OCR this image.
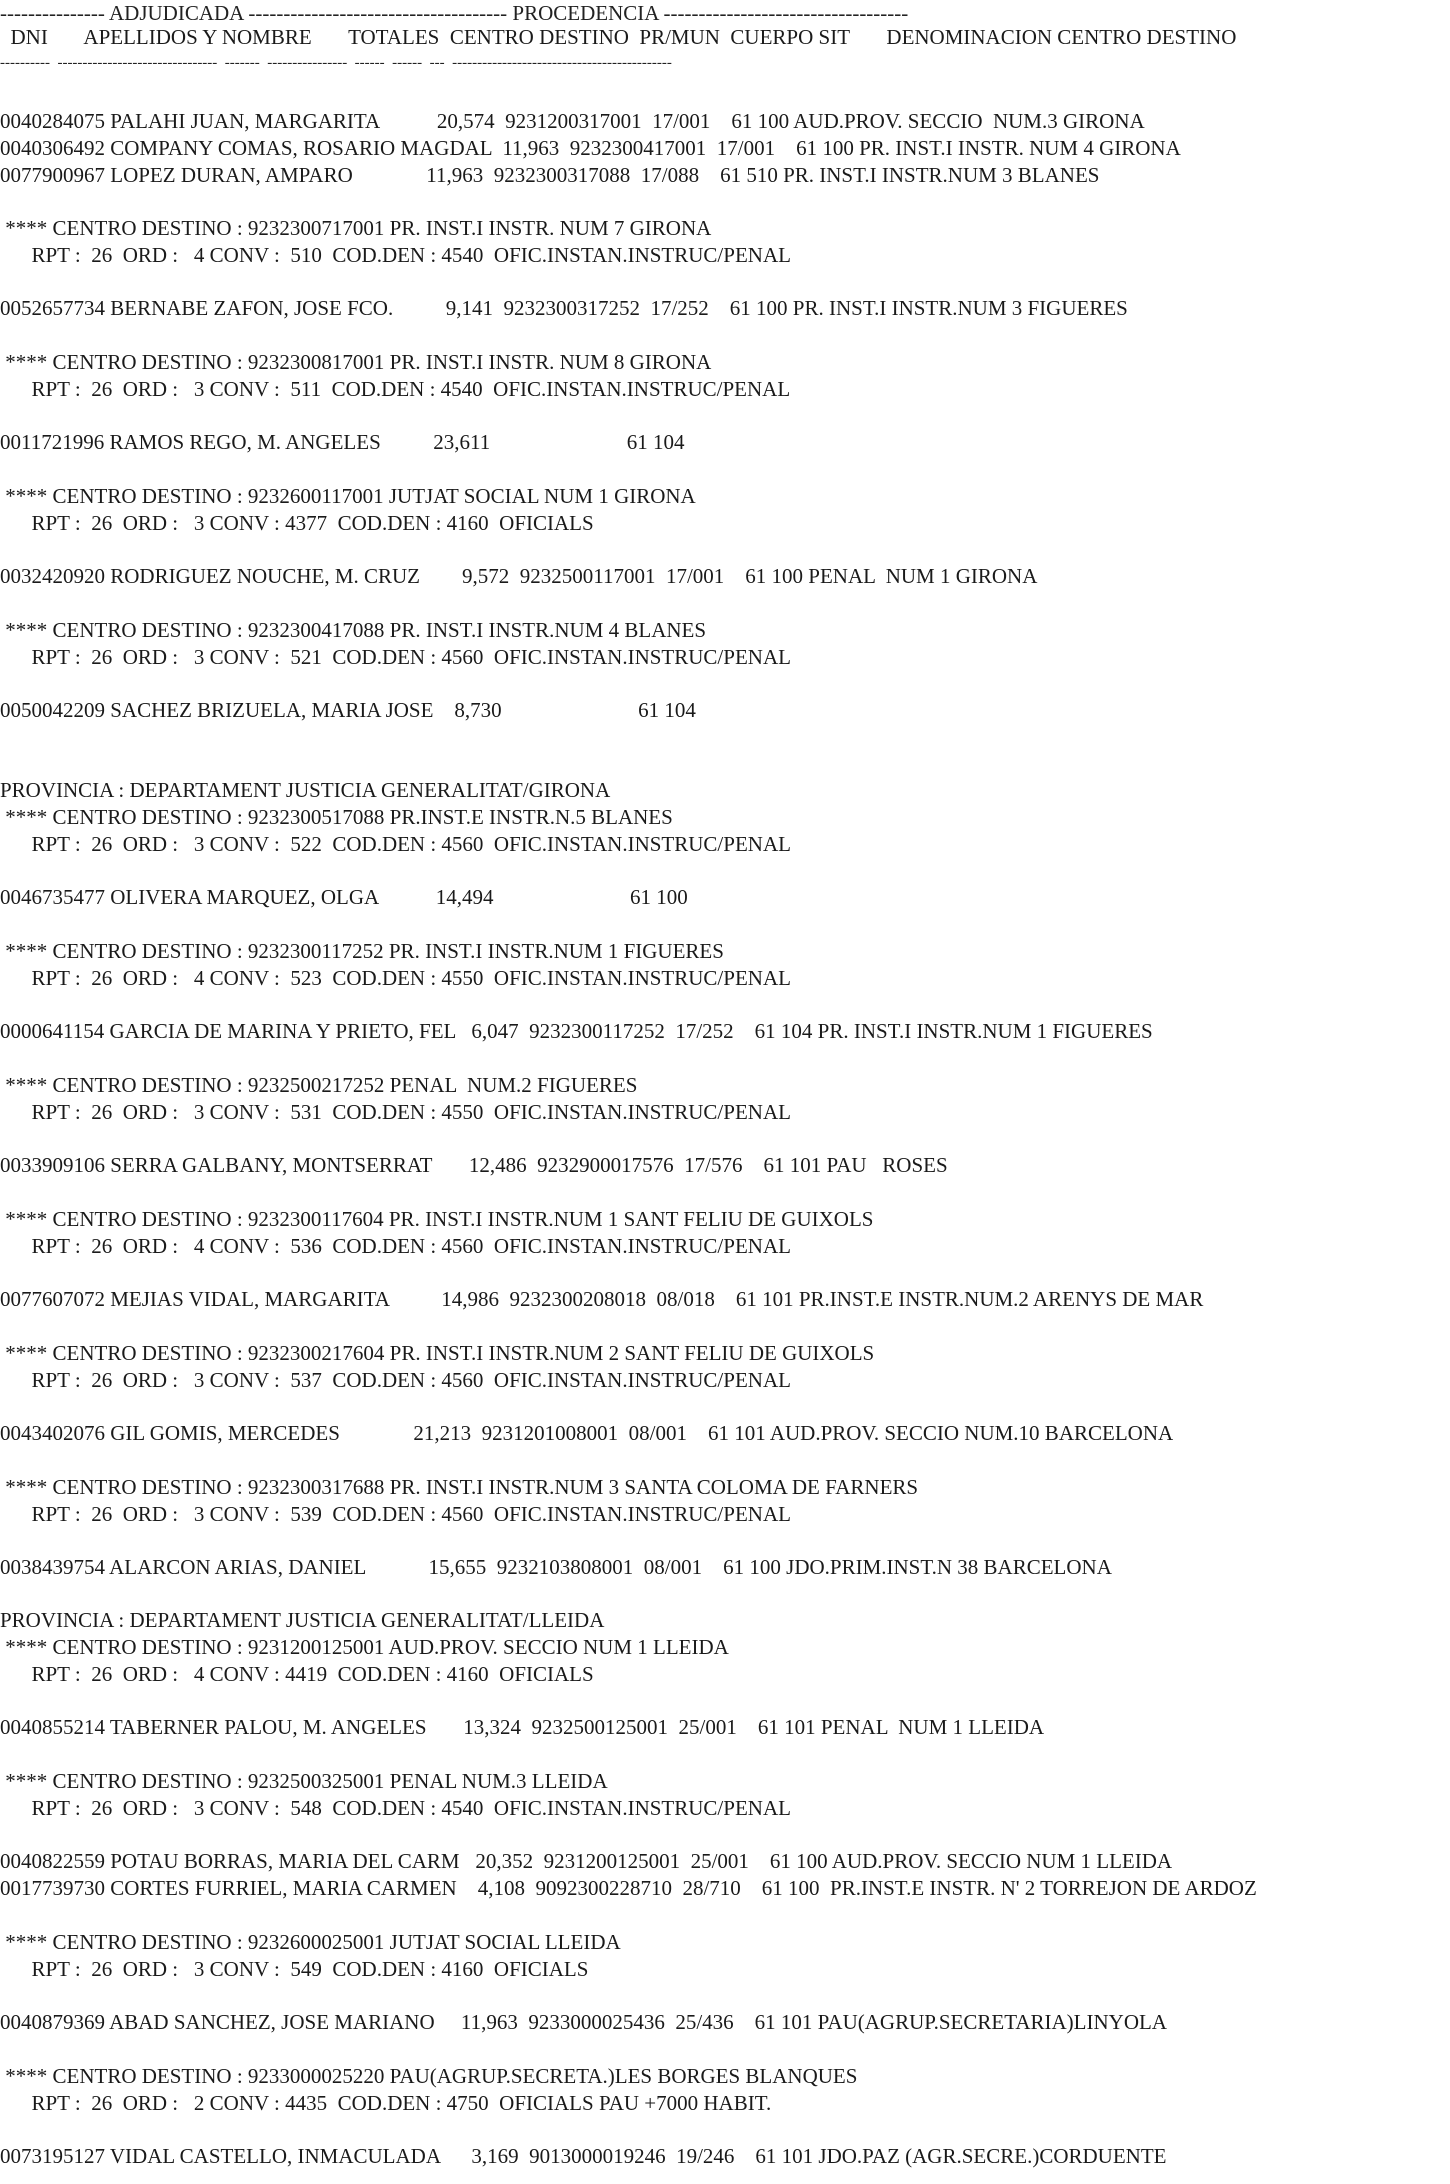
--------------- ADJUDICADA ------------------------------------- PROCEDENCIA -----------------------------------
DNI       APELLIDOS Y NOMBRE       TOTALES  CENTRO DESTINO  PR/MUN  CUERPO SIT       DENOMINACION CENTRO DESTINO
----------  --------------------------------  -------  ----------------  ------  ------  ---  --------------------------------------------
0040284075 PALAHI JUAN, MARGARITA           20,574  9231200317001  17/001    61 100 AUD.PROV. SECCIO  NUM.3 GIRONA
0040306492 COMPANY COMAS, ROSARIO MAGDAL  11,963  9232300417001  17/001    61 100 PR. INST.I INSTR. NUM 4 GIRONA
0077900967 LOPEZ DURAN, AMPARO              11,963  9232300317088  17/088    61 510 PR. INST.I INSTR.NUM 3 BLANES
**** CENTRO DESTINO : 9232300717001 PR. INST.I INSTR. NUM 7 GIRONA
RPT :  26  ORD :   4 CONV :  510  COD.DEN : 4540  OFIC.INSTAN.INSTRUC/PENAL
0052657734 BERNABE ZAFON, JOSE FCO.          9,141  9232300317252  17/252    61 100 PR. INST.I INSTR.NUM 3 FIGUERES
**** CENTRO DESTINO : 9232300817001 PR. INST.I INSTR. NUM 8 GIRONA
RPT :  26  ORD :   3 CONV :  511  COD.DEN : 4540  OFIC.INSTAN.INSTRUC/PENAL
0011721996 RAMOS REGO, M. ANGELES          23,611                          61 104
**** CENTRO DESTINO : 9232600117001 JUTJAT SOCIAL NUM 1 GIRONA
RPT :  26  ORD :   3 CONV : 4377  COD.DEN : 4160  OFICIALS
0032420920 RODRIGUEZ NOUCHE, M. CRUZ        9,572  9232500117001  17/001    61 100 PENAL  NUM 1 GIRONA
**** CENTRO DESTINO : 9232300417088 PR. INST.I INSTR.NUM 4 BLANES
RPT :  26  ORD :   3 CONV :  521  COD.DEN : 4560  OFIC.INSTAN.INSTRUC/PENAL
0050042209 SACHEZ BRIZUELA, MARIA JOSE    8,730                          61 104
PROVINCIA : DEPARTAMENT JUSTICIA GENERALITAT/GIRONA
**** CENTRO DESTINO : 9232300517088 PR.INST.E INSTR.N.5 BLANES
RPT :  26  ORD :   3 CONV :  522  COD.DEN : 4560  OFIC.INSTAN.INSTRUC/PENAL
0046735477 OLIVERA MARQUEZ, OLGA           14,494                          61 100
**** CENTRO DESTINO : 9232300117252 PR. INST.I INSTR.NUM 1 FIGUERES
RPT :  26  ORD :   4 CONV :  523  COD.DEN : 4550  OFIC.INSTAN.INSTRUC/PENAL
0000641154 GARCIA DE MARINA Y PRIETO, FEL   6,047  9232300117252  17/252    61 104 PR. INST.I INSTR.NUM 1 FIGUERES
**** CENTRO DESTINO : 9232500217252 PENAL  NUM.2 FIGUERES
RPT :  26  ORD :   3 CONV :  531  COD.DEN : 4550  OFIC.INSTAN.INSTRUC/PENAL
0033909106 SERRA GALBANY, MONTSERRAT       12,486  9232900017576  17/576    61 101 PAU   ROSES
**** CENTRO DESTINO : 9232300117604 PR. INST.I INSTR.NUM 1 SANT FELIU DE GUIXOLS
RPT :  26  ORD :   4 CONV :  536  COD.DEN : 4560  OFIC.INSTAN.INSTRUC/PENAL
0077607072 MEJIAS VIDAL, MARGARITA          14,986  9232300208018  08/018    61 101 PR.INST.E INSTR.NUM.2 ARENYS DE MAR
**** CENTRO DESTINO : 9232300217604 PR. INST.I INSTR.NUM 2 SANT FELIU DE GUIXOLS
RPT :  26  ORD :   3 CONV :  537  COD.DEN : 4560  OFIC.INSTAN.INSTRUC/PENAL
0043402076 GIL GOMIS, MERCEDES              21,213  9231201008001  08/001    61 101 AUD.PROV. SECCIO NUM.10 BARCELONA
**** CENTRO DESTINO : 9232300317688 PR. INST.I INSTR.NUM 3 SANTA COLOMA DE FARNERS
RPT :  26  ORD :   3 CONV :  539  COD.DEN : 4560  OFIC.INSTAN.INSTRUC/PENAL
0038439754 ALARCON ARIAS, DANIEL            15,655  9232103808001  08/001    61 100 JDO.PRIM.INST.N 38 BARCELONA
PROVINCIA : DEPARTAMENT JUSTICIA GENERALITAT/LLEIDA
**** CENTRO DESTINO : 9231200125001 AUD.PROV. SECCIO NUM 1 LLEIDA
RPT :  26  ORD :   4 CONV : 4419  COD.DEN : 4160  OFICIALS
0040855214 TABERNER PALOU, M. ANGELES       13,324  9232500125001  25/001    61 101 PENAL  NUM 1 LLEIDA
**** CENTRO DESTINO : 9232500325001 PENAL NUM.3 LLEIDA
RPT :  26  ORD :   3 CONV :  548  COD.DEN : 4540  OFIC.INSTAN.INSTRUC/PENAL
0040822559 POTAU BORRAS, MARIA DEL CARM   20,352  9231200125001  25/001    61 100 AUD.PROV. SECCIO NUM 1 LLEIDA
0017739730 CORTES FURRIEL, MARIA CARMEN    4,108  9092300228710  28/710    61 100  PR.INST.E INSTR. N' 2 TORREJON DE ARDOZ
**** CENTRO DESTINO : 9232600025001 JUTJAT SOCIAL LLEIDA
RPT :  26  ORD :   3 CONV :  549  COD.DEN : 4160  OFICIALS
0040879369 ABAD SANCHEZ, JOSE MARIANO     11,963  9233000025436  25/436    61 101 PAU(AGRUP.SECRETARIA)LINYOLA
**** CENTRO DESTINO : 9233000025220 PAU(AGRUP.SECRETA.)LES BORGES BLANQUES
RPT :  26  ORD :   2 CONV : 4435  COD.DEN : 4750  OFICIALS PAU +7000 HABIT.
0073195127 VIDAL CASTELLO, INMACULADA      3,169  9013000019246  19/246    61 101 JDO.PAZ (AGR.SECRE.)CORDUENTE
